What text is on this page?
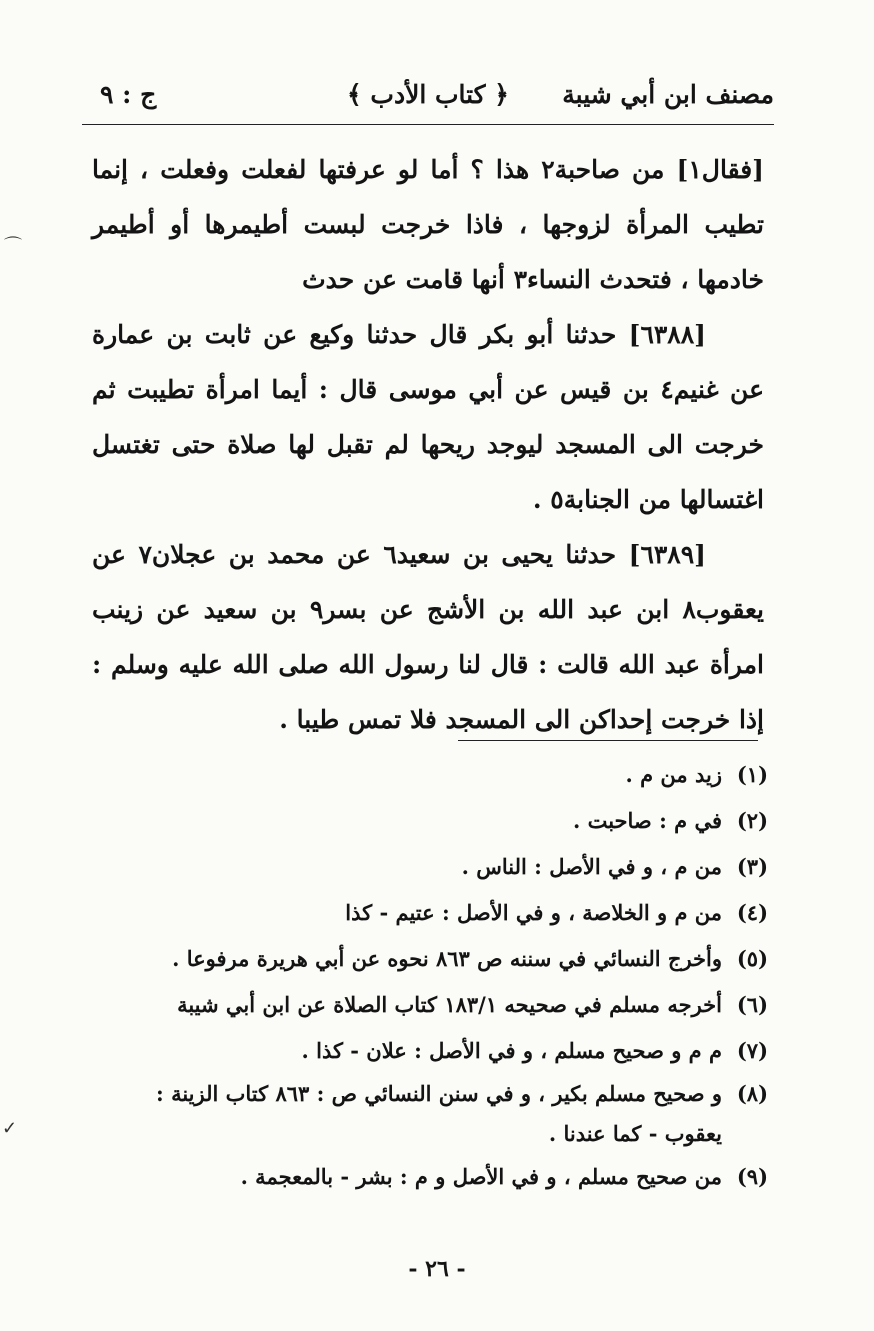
مصنف ابن أبي شيبة
﴿ كتاب الأدب ﴾
ج : ٩

[فقال١] من صاحبة٢ هذا ؟ أما لو عرفتها لفعلت وفعلت ، إنما تطيب المرأة لزوجها ، فاذا خرجت لبست أطيمرها أو أطيمر خادمها ، فتحدث النساء٣ أنها قامت عن حدث

[٦٣٨٨] حدثنا أبو بكر قال حدثنا وكيع عن ثابت بن عمارة عن غنيم٤ بن قيس عن أبي موسى قال : أيما امرأة تطيبت ثم خرجت الى المسجد ليوجد ريحها لم تقبل لها صلاة حتى تغتسل اغتسالها من الجنابة٥ .

[٦٣٨٩] حدثنا يحيى بن سعيد٦ عن محمد بن عجلان٧ عن يعقوب٨ ابن عبد الله بن الأشج عن بسر٩ بن سعيد عن زينب امرأة عبد الله قالت : قال لنا رسول الله صلى الله عليه وسلم : إذا خرجت إحداكن الى المسجد فلا تمس طيبا .

(١)
زيد من م .
(٢)
في م : صاحبت .
(٣)
من م ، و في الأصل : الناس .
(٤)
من م و الخلاصة ، و في الأصل : عتيم - كذا
(٥)
وأخرج النسائي في سننه ص ٨٦٣ نحوه عن أبي هريرة مرفوعا .
(٦)
أخرجه مسلم في صحيحه ١٨٣/١ كتاب الصلاة عن ابن أبي شيبة
(٧)
م م و صحيح مسلم ، و في الأصل : علان - كذا .
(٨)
و صحيح مسلم بكير ، و في سنن النسائي ص : ٨٦٣ كتاب الزينة : يعقوب - كما عندنا .
(٩)
من صحيح مسلم ، و في الأصل و م : بشر - بالمعجمة .
- ٢٦ -
⌒
✓
